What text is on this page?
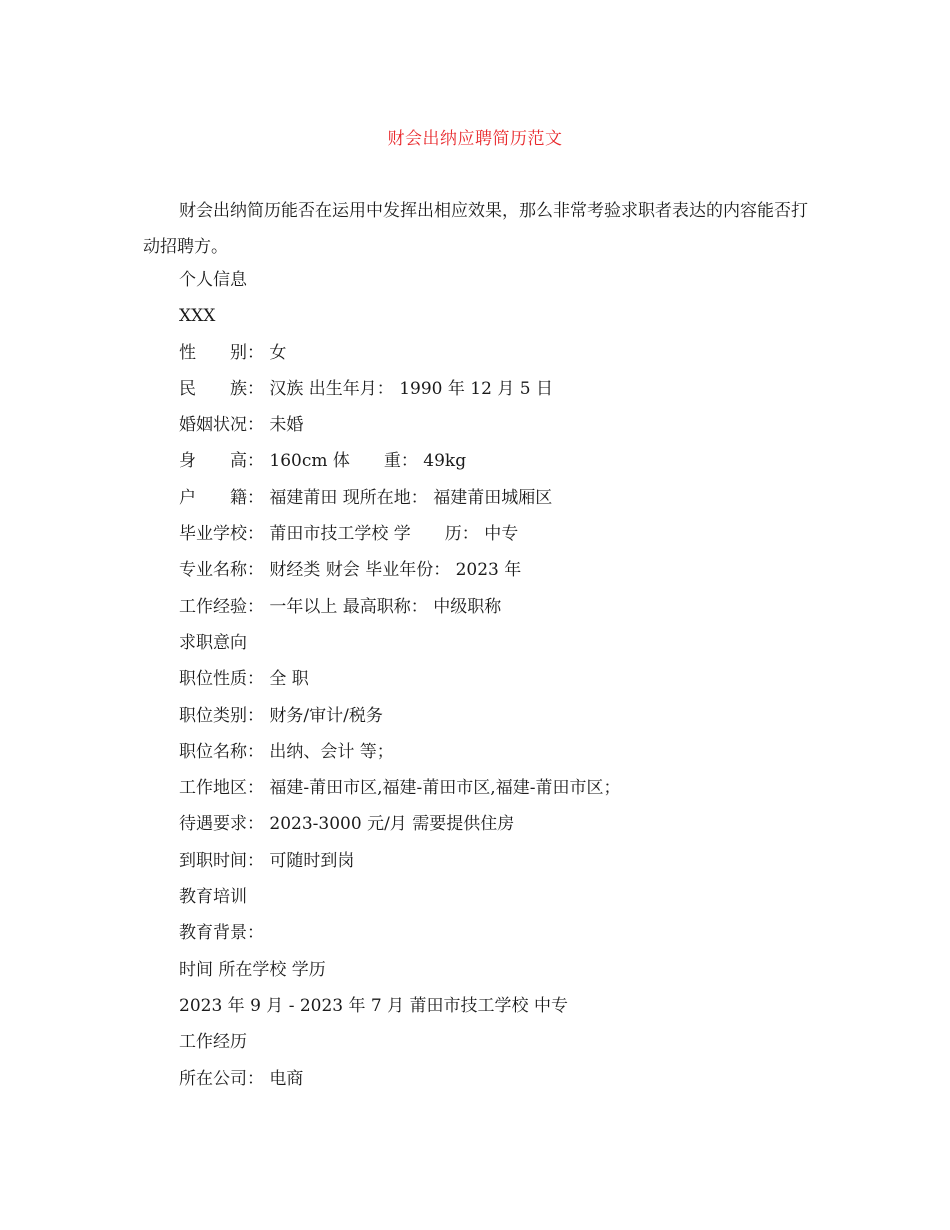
财会出纳应聘简历范文

财会出纳简历能否在运用中发挥出相应效果，那么非常考验求职者表达的内容能否打动招聘方。

个人信息
XXX
性　　别： 女
民　　族： 汉族 出生年月： 1990 年 12 月 5 日
婚姻状况： 未婚
身　　高： 160cm 体　　重： 49kg
户　　籍： 福建莆田 现所在地： 福建莆田城厢区
毕业学校： 莆田市技工学校 学　　历： 中专
专业名称： 财经类 财会 毕业年份： 2023 年
工作经验： 一年以上 最高职称： 中级职称
求职意向
职位性质： 全 职
职位类别： 财务/审计/税务
职位名称： 出纳、会计 等；
工作地区： 福建-莆田市区,福建-莆田市区,福建-莆田市区；
待遇要求： 2023-3000 元/月 需要提供住房
到职时间： 可随时到岗
教育培训
教育背景：
时间 所在学校 学历
2023 年 9 月 - 2023 年 7 月 莆田市技工学校 中专
工作经历
所在公司： 电商
